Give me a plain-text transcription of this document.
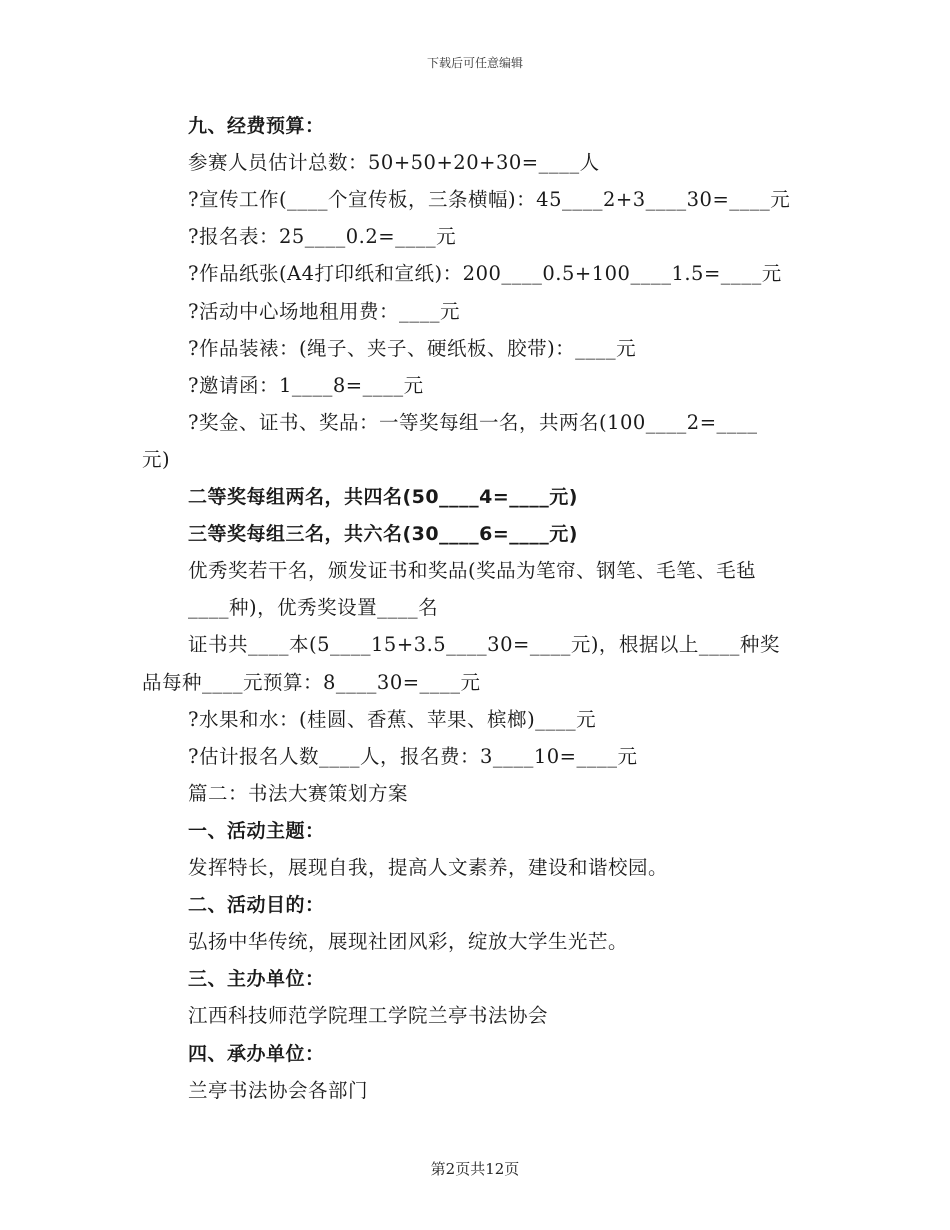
下载后可任意编辑
九、经费预算：
参赛人员估计总数：50+50+20+30=____人
?宣传工作(____个宣传板，三条横幅)：45____2+3____30=____元
?报名表：25____0.2=____元
?作品纸张(A4打印纸和宣纸)：200____0.5+100____1.5=____元
?活动中心场地租用费：____元
?作品装裱：(绳子、夹子、硬纸板、胶带)：____元
?邀请函：1____8=____元
?奖金、证书、奖品：一等奖每组一名，共两名(100____2=____
元)
二等奖每组两名，共四名(50____4=____元)
三等奖每组三名，共六名(30____6=____元)
优秀奖若干名，颁发证书和奖品(奖品为笔帘、钢笔、毛笔、毛毡
____种)，优秀奖设置____名
证书共____本(5____15+3.5____30=____元)，根据以上____种奖
品每种____元预算：8____30=____元
?水果和水：(桂圆、香蕉、苹果、槟榔)____元
?估计报名人数____人，报名费：3____10=____元
篇二：书法大赛策划方案
一、活动主题：
发挥特长，展现自我，提高人文素养，建设和谐校园。
二、活动目的：
弘扬中华传统，展现社团风彩，绽放大学生光芒。
三、主办单位：
江西科技师范学院理工学院兰亭书法协会
四、承办单位：
兰亭书法协会各部门
第2页共12页
